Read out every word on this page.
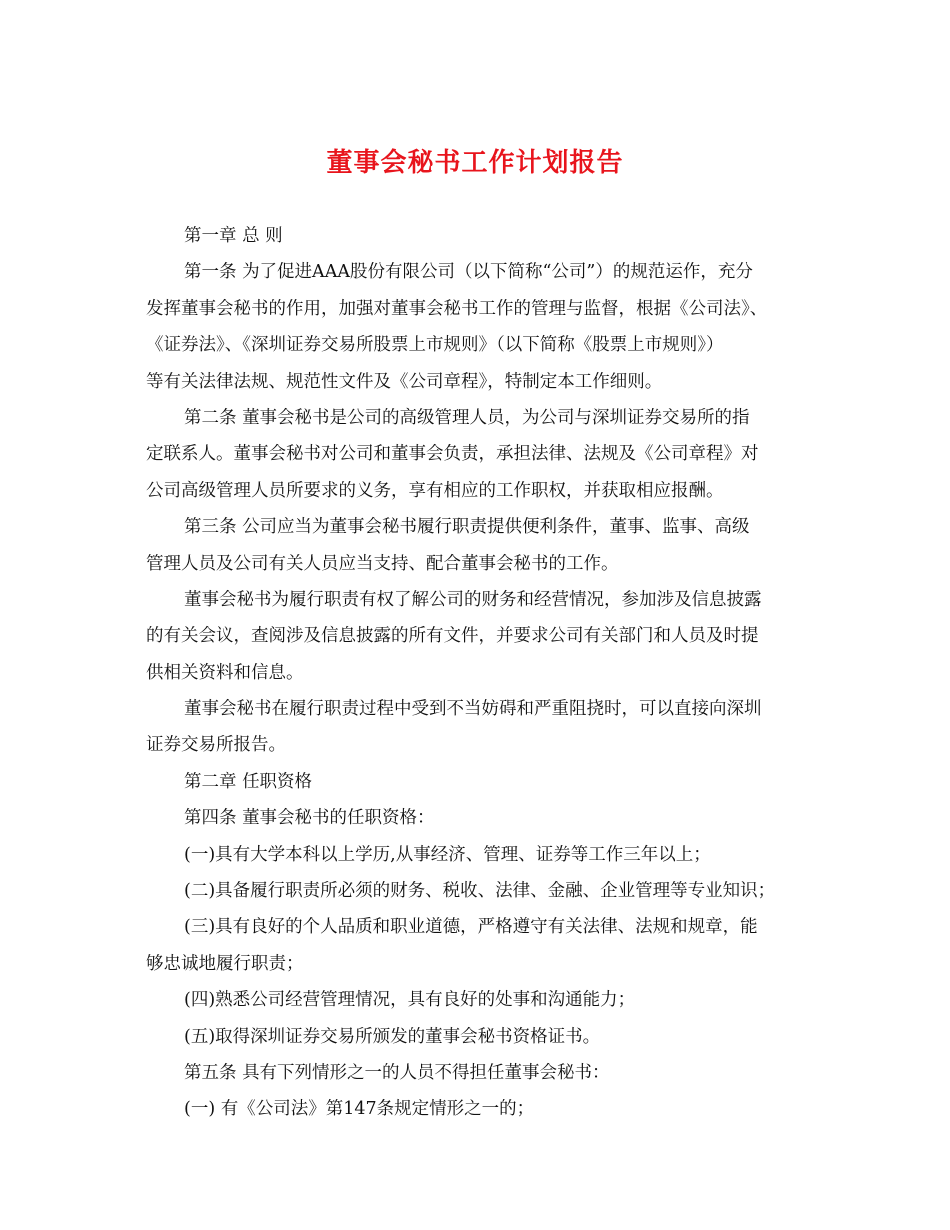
董事会秘书工作计划报告
第一章 总 则
第一条 为了促进AAA股份有限公司（以下简称“公司”）的规范运作，充分
发挥董事会秘书的作用，加强对董事会秘书工作的管理与监督，根据《公司法》、
《证券法》、《深圳证券交易所股票上市规则》（以下简称《股票上市规则》）
等有关法律法规、规范性文件及《公司章程》，特制定本工作细则。
第二条 董事会秘书是公司的高级管理人员，为公司与深圳证券交易所的指
定联系人。董事会秘书对公司和董事会负责，承担法律、法规及《公司章程》对
公司高级管理人员所要求的义务，享有相应的工作职权，并获取相应报酬。
第三条 公司应当为董事会秘书履行职责提供便利条件，董事、监事、高级
管理人员及公司有关人员应当支持、配合董事会秘书的工作。
董事会秘书为履行职责有权了解公司的财务和经营情况，参加涉及信息披露
的有关会议，查阅涉及信息披露的所有文件，并要求公司有关部门和人员及时提
供相关资料和信息。
董事会秘书在履行职责过程中受到不当妨碍和严重阻挠时，可以直接向深圳
证券交易所报告。
第二章 任职资格
第四条 董事会秘书的任职资格：
(一)具有大学本科以上学历,从事经济、管理、证券等工作三年以上；
(二)具备履行职责所必须的财务、税收、法律、金融、企业管理等专业知识；
(三)具有良好的个人品质和职业道德，严格遵守有关法律、法规和规章，能
够忠诚地履行职责；
(四)熟悉公司经营管理情况，具有良好的处事和沟通能力；
(五)取得深圳证券交易所颁发的董事会秘书资格证书。
第五条 具有下列情形之一的人员不得担任董事会秘书：
(一) 有《公司法》第147条规定情形之一的；
